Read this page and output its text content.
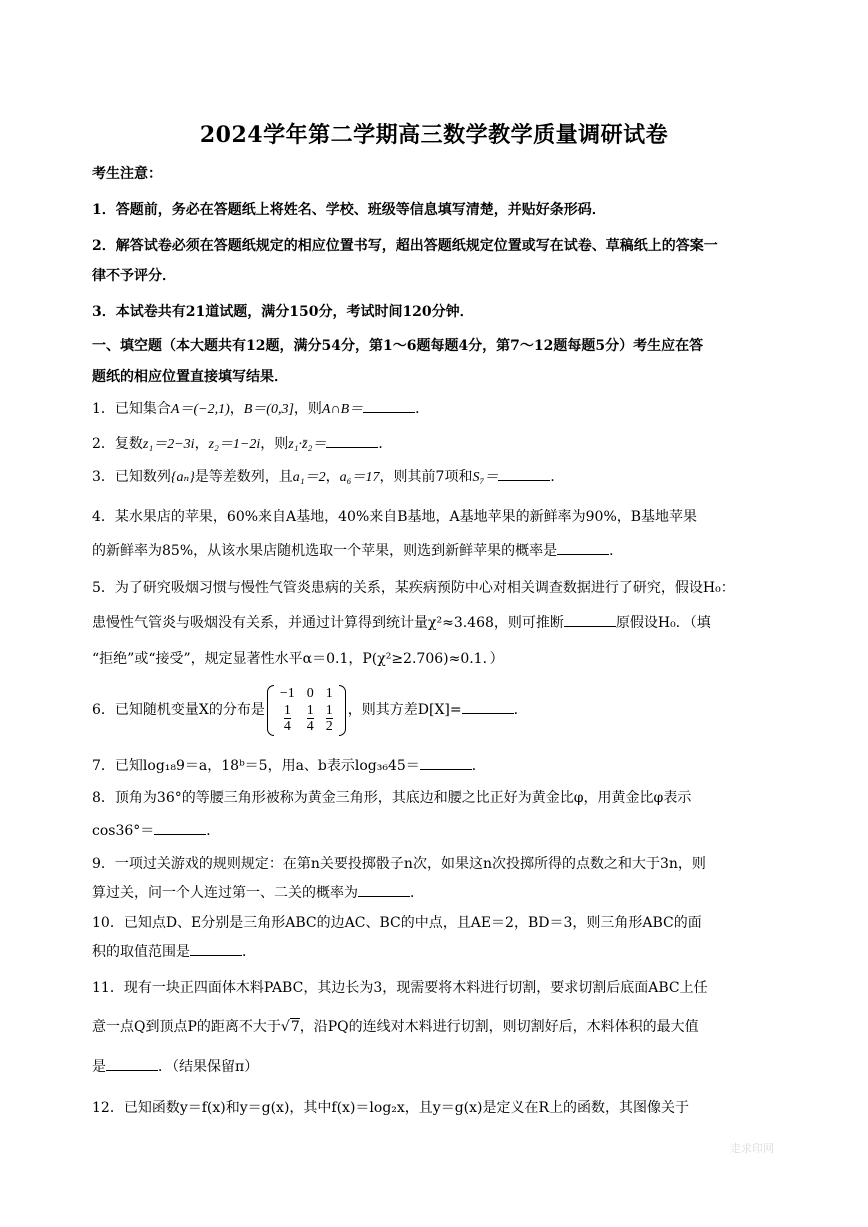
2024学年第二学期高三数学教学质量调研试卷
考生注意：
1．答题前，务必在答题纸上将姓名、学校、班级等信息填写清楚，并贴好条形码．
2．解答试卷必须在答题纸规定的相应位置书写，超出答题纸规定位置或写在试卷、草稿纸上的答案一
律不予评分．
3．本试卷共有21道试题，满分150分，考试时间120分钟．
一、填空题（本大题共有12题，满分54分，第1～6题每题4分，第7～12题每题5分）考生应在答
题纸的相应位置直接填写结果．
1．已知集合A＝(−2,1)，B＝(0,3]，则A∩B＝	．
2．复数z₁＝2−3i，z₂＝1−2i，则z₁·z̄₂＝	．
3．已知数列{aₙ}是等差数列，且a₁＝2，a₆＝17，则其前7项和S₇＝	．
4．某水果店的苹果，60%来自A基地，40%来自B基地，A基地苹果的新鲜率为90%，B基地苹果
的新鲜率为85%，从该水果店随机选取一个苹果，则选到新鲜苹果的概率是	．
5．为了研究吸烟习惯与慢性气管炎患病的关系，某疾病预防中心对相关调查数据进行了研究，假设H₀：
患慢性气管炎与吸烟没有关系，并通过计算得到统计量χ²≈3.468，则可推断	原假设H₀．（填
“拒绝”或“接受”，规定显著性水平α＝0.1，P(χ²≥2.706)≈0.1．）
6．已知随机变量X的分布是
−1	0	1

$\frac{1}{4}$	$\frac{1}{4}$	$\frac{1}{2}$ ，则其方差D[X]=	．
7．已知log₁₈9＝a，18ᵇ＝5，用a、b表示log₃₆45＝	．
8．顶角为36°的等腰三角形被称为黄金三角形，其底边和腰之比正好为黄金比φ，用黄金比φ表示
cos36°＝	．
9．一项过关游戏的规则规定：在第n关要投掷骰子n次，如果这n次投掷所得的点数之和大于3n，则
算过关，问一个人连过第一、二关的概率为	．
10．已知点D、E分别是三角形ABC的边AC、BC的中点，且AE＝2，BD＝3，则三角形ABC的面
积的取值范围是	．
11．现有一块正四面体木料PABC，其边长为3，现需要将木料进行切割，要求切割后底面ABC上任
意一点Q到顶点P的距离不大于√7，沿PQ的连线对木料进行切割，则切割好后，木料体积的最大值
是	．（结果保留π）
12．已知函数y＝f(x)和y＝g(x)，其中f(x)＝log₂x，且y＝g(x)是定义在R上的函数，其图像关于
走求印网
